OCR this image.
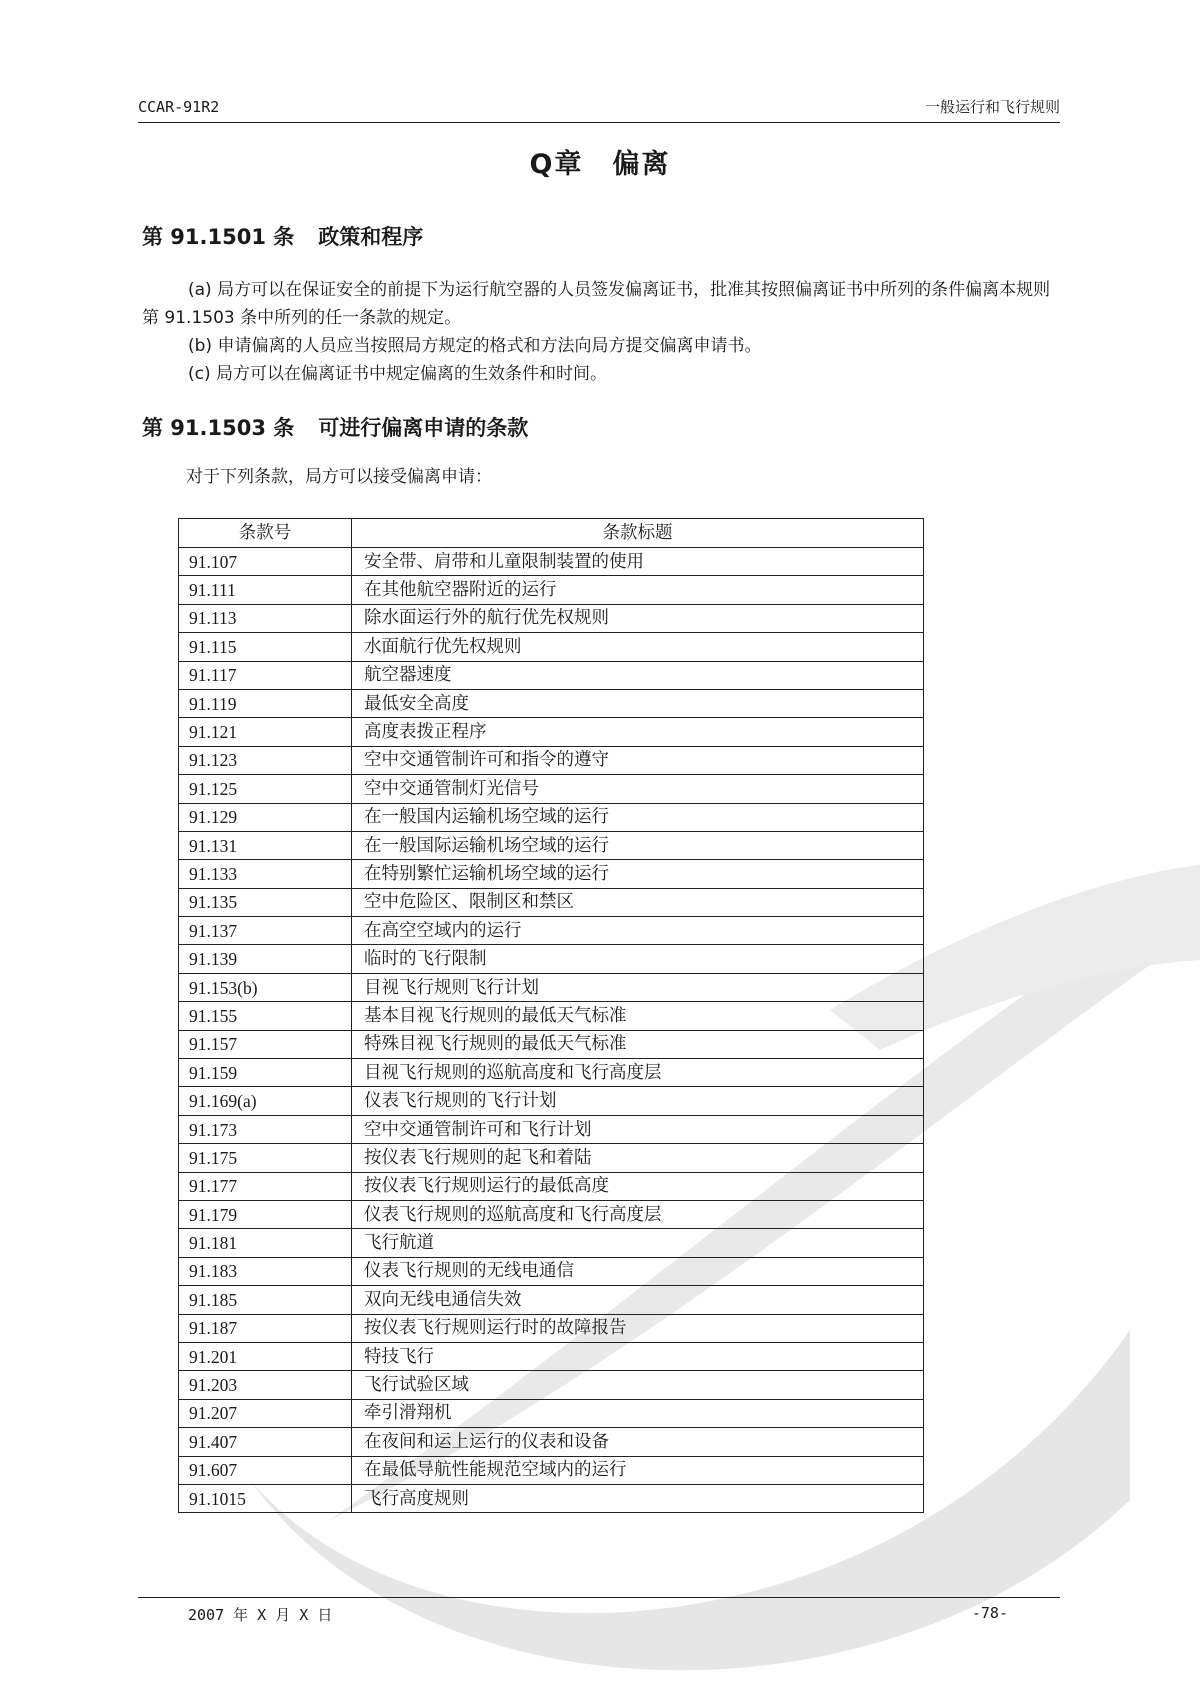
CCAR-91R2	一般运行和飞行规则
Q章　偏离
第 91.1501 条 政策和程序
(a) 局方可以在保证安全的前提下为运行航空器的人员签发偏离证书，批准其按照偏离证书中所列的条件偏离本规则第 91.1503 条中所列的任一条款的规定。
(b) 申请偏离的人员应当按照局方规定的格式和方法向局方提交偏离申请书。
(c) 局方可以在偏离证书中规定偏离的生效条件和时间。
第 91.1503 条 可进行偏离申请的条款
对于下列条款，局方可以接受偏离申请：
条款号	条款标题
91.107	安全带、肩带和儿童限制装置的使用
91.111	在其他航空器附近的运行
91.113	除水面运行外的航行优先权规则
91.115	水面航行优先权规则
91.117	航空器速度
91.119	最低安全高度
91.121	高度表拨正程序
91.123	空中交通管制许可和指令的遵守
91.125	空中交通管制灯光信号
91.129	在一般国内运输机场空域的运行
91.131	在一般国际运输机场空域的运行
91.133	在特别繁忙运输机场空域的运行
91.135	空中危险区、限制区和禁区
91.137	在高空空域内的运行
91.139	临时的飞行限制
91.153(b)	目视飞行规则飞行计划
91.155	基本目视飞行规则的最低天气标准
91.157	特殊目视飞行规则的最低天气标准
91.159	目视飞行规则的巡航高度和飞行高度层
91.169(a)	仪表飞行规则的飞行计划
91.173	空中交通管制许可和飞行计划
91.175	按仪表飞行规则的起飞和着陆
91.177	按仪表飞行规则运行的最低高度
91.179	仪表飞行规则的巡航高度和飞行高度层
91.181	飞行航道
91.183	仪表飞行规则的无线电通信
91.185	双向无线电通信失效
91.187	按仪表飞行规则运行时的故障报告
91.201	特技飞行
91.203	飞行试验区域
91.207	牵引滑翔机
91.407	在夜间和运上运行的仪表和设备
91.607	在最低导航性能规范空域内的运行
91.1015	飞行高度规则
2007 年 X 月 X 日	-78-
